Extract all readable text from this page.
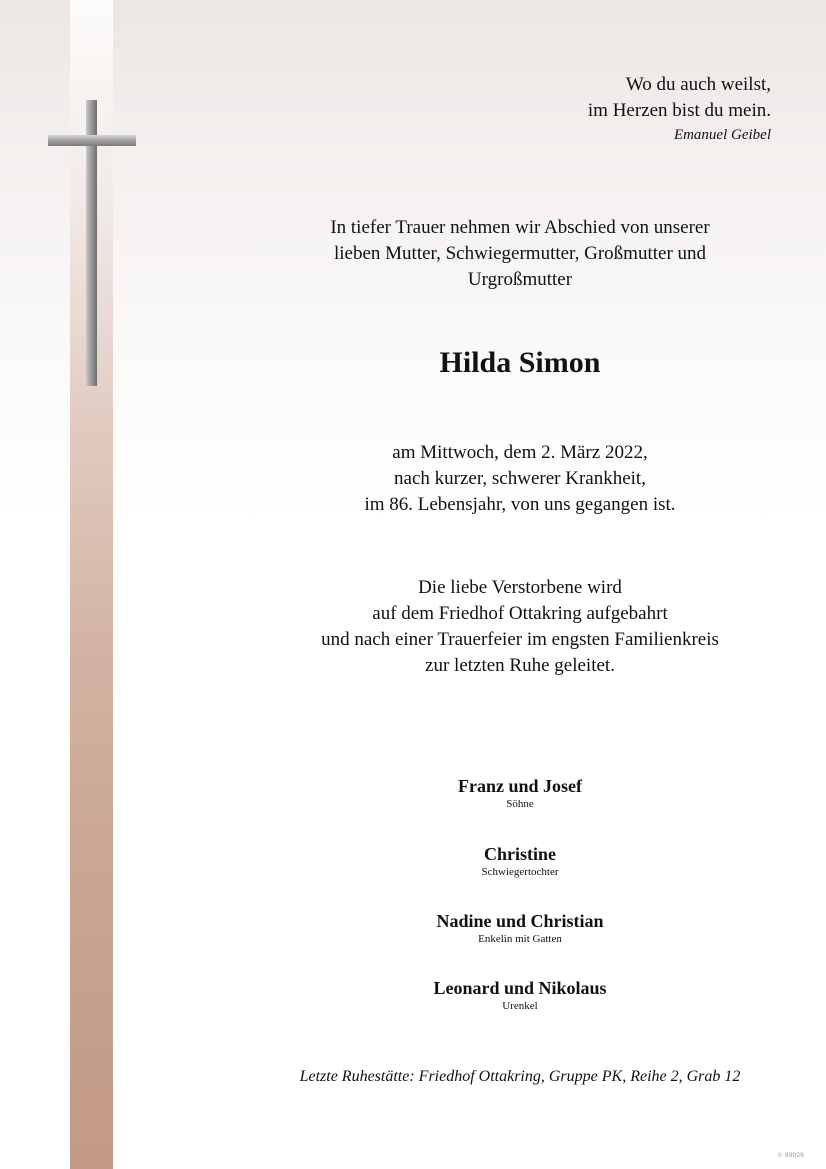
Wo du auch weilst,
im Herzen bist du mein.
Emanuel Geibel
In tiefer Trauer nehmen wir Abschied von unserer
lieben Mutter, Schwiegermutter, Großmutter und
Urgroßmutter
Hilda Simon
am Mittwoch, dem 2. März 2022,
nach kurzer, schwerer Krankheit,
im 86. Lebensjahr, von uns gegangen ist.
Die liebe Verstorbene wird
auf dem Friedhof Ottakring aufgebahrt
und nach einer Trauerfeier im engsten Familienkreis
zur letzten Ruhe geleitet.
Franz und Josef
Söhne
Christine
Schwiegertochter
Nadine und Christian
Enkelin mit Gatten
Leonard und Nikolaus
Urenkel
Letzte Ruhestätte: Friedhof Ottakring, Gruppe PK, Reihe 2, Grab 12
© 89029
